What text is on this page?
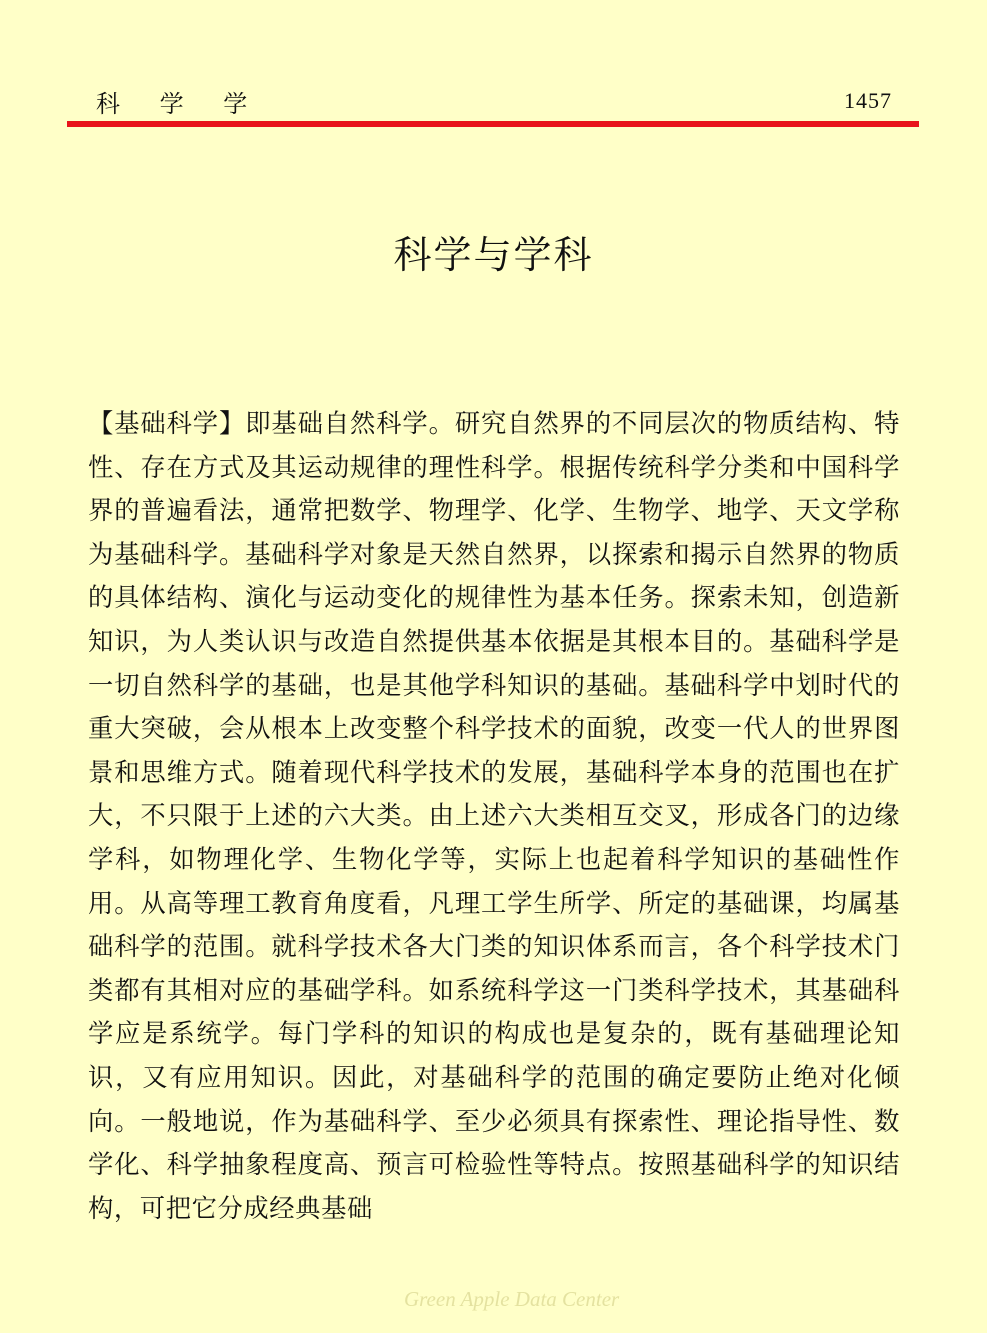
科 学 学	1457
科学与学科

【基础科学】即基础自然科学。研究自然界的不同层次的物质结构、特性、存在方式及其运动规律的理性科学。根据传统科学分类和中国科学界的普遍看法，通常把数学、物理学、化学、生物学、地学、天文学称为基础科学。基础科学对象是天然自然界，以探索和揭示自然界的物质的具体结构、演化与运动变化的规律性为基本任务。探索未知，创造新知识，为人类认识与改造自然提供基本依据是其根本目的。基础科学是一切自然科学的基础，也是其他学科知识的基础。基础科学中划时代的重大突破，会从根本上改变整个科学技术的面貌，改变一代人的世界图景和思维方式。随着现代科学技术的发展，基础科学本身的范围也在扩大，不只限于上述的六大类。由上述六大类相互交叉，形成各门的边缘学科，如物理化学、生物化学等，实际上也起着科学知识的基础性作用。从高等理工教育角度看，凡理工学生所学、所定的基础课，均属基础科学的范围。就科学技术各大门类的知识体系而言，各个科学技术门类都有其相对应的基础学科。如系统科学这一门类科学技术，其基础科学应是系统学。每门学科的知识的构成也是复杂的，既有基础理论知识，又有应用知识。因此，对基础科学的范围的确定要防止绝对化倾向。一般地说，作为基础科学、至少必须具有探索性、理论指导性、数学化、科学抽象程度高、预言可检验性等特点。按照基础科学的知识结构，可把它分成经典基础

Green Apple Data Center
